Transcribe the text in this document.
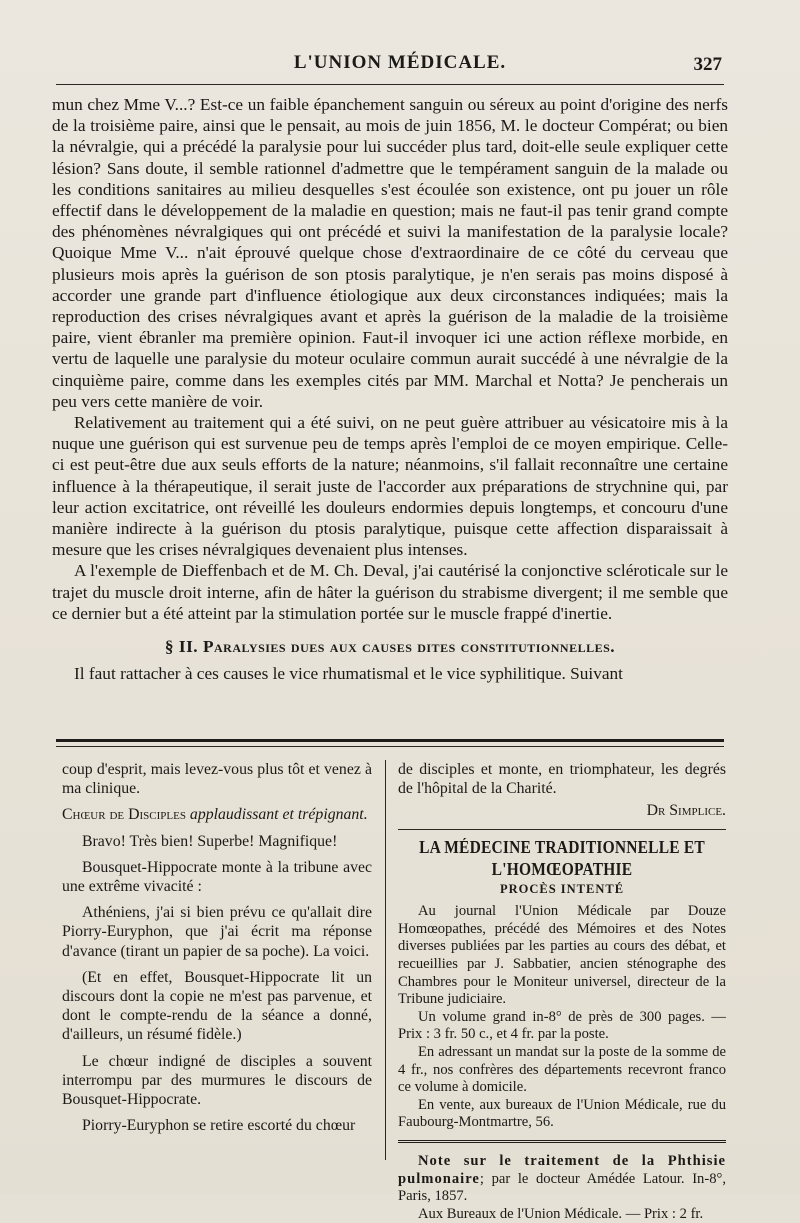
L'UNION MÉDICALE.	327

mun chez Mme V...? Est-ce un faible épanchement sanguin ou séreux au point d'origine des nerfs de la troisième paire, ainsi que le pensait, au mois de juin 1856, M. le docteur Compérat; ou bien la névralgie, qui a précédé la paralysie pour lui succéder plus tard, doit-elle seule expliquer cette lésion? Sans doute, il semble rationnel d'admettre que le tempérament sanguin de la malade ou les conditions sanitaires au milieu desquelles s'est écoulée son existence, ont pu jouer un rôle effectif dans le développement de la maladie en question; mais ne faut-il pas tenir grand compte des phénomènes névralgiques qui ont précédé et suivi la manifestation de la paralysie locale? Quoique Mme V... n'ait éprouvé quelque chose d'extraordinaire de ce côté du cerveau que plusieurs mois après la guérison de son ptosis paralytique, je n'en serais pas moins disposé à accorder une grande part d'influence étiologique aux deux circonstances indiquées; mais la reproduction des crises névralgiques avant et après la guérison de la maladie de la troisième paire, vient ébranler ma première opinion. Faut-il invoquer ici une action réflexe morbide, en vertu de laquelle une paralysie du moteur oculaire commun aurait succédé à une névralgie de la cinquième paire, comme dans les exemples cités par MM. Marchal et Notta? Je pencherais un peu vers cette manière de voir.

Relativement au traitement qui a été suivi, on ne peut guère attribuer au vésicatoire mis à la nuque une guérison qui est survenue peu de temps après l'emploi de ce moyen empirique. Celle-ci est peut-être due aux seuls efforts de la nature; néanmoins, s'il fallait reconnaître une certaine influence à la thérapeutique, il serait juste de l'accorder aux préparations de strychnine qui, par leur action excitatrice, ont réveillé les douleurs endormies depuis longtemps, et concouru d'une manière indirecte à la guérison du ptosis paralytique, puisque cette affection disparaissait à mesure que les crises névralgiques devenaient plus intenses.

A l'exemple de Dieffenbach et de M. Ch. Deval, j'ai cautérisé la conjonctive scléroticale sur le trajet du muscle droit interne, afin de hâter la guérison du strabisme divergent; il me semble que ce dernier but a été atteint par la stimulation portée sur le muscle frappé d'inertie.

§ II. Paralysies dues aux causes dites constitutionnelles.

Il faut rattacher à ces causes le vice rhumatismal et le vice syphilitique. Suivant

coup d'esprit, mais levez-vous plus tôt et venez à ma clinique.

Chœur de Disciples applaudissant et trépignant.

Bravo! Très bien! Superbe! Magnifique!

Bousquet-Hippocrate monte à la tribune avec une extrême vivacité :

Athéniens, j'ai si bien prévu ce qu'allait dire Piorry-Euryphon, que j'ai écrit ma réponse d'avance (tirant un papier de sa poche). La voici.

(Et en effet, Bousquet-Hippocrate lit un discours dont la copie ne m'est pas parvenue, et dont le compte-rendu de la séance a donné, d'ailleurs, un résumé fidèle.)

Le chœur indigné de disciples a souvent interrompu par des murmures le discours de Bousquet-Hippocrate.

Piorry-Euryphon se retire escorté du chœur

de disciples et monte, en triomphateur, les degrés de l'hôpital de la Charité.

Dr Simplice.

LA MÉDECINE TRADITIONNELLE ET L'HOMŒOPATHIE

PROCÈS INTENTÉ

Au journal l'Union Médicale par Douze Homœopathes, précédé des Mémoires et des Notes diverses publiées par les parties au cours des débat, et recueillies par J. Sabbatier, ancien sténographe des Chambres pour le Moniteur universel, directeur de la Tribune judiciaire.

Un volume grand in-8° de près de 300 pages. — Prix : 3 fr. 50 c., et 4 fr. par la poste.

En adressant un mandat sur la poste de la somme de 4 fr., nos confrères des départements recevront franco ce volume à domicile.

En vente, aux bureaux de l'Union Médicale, rue du Faubourg-Montmartre, 56.

Note sur le traitement de la Phthisie pulmonaire; par le docteur Amédée Latour. In-8°, Paris, 1857.

Aux Bureaux de l'Union Médicale. — Prix : 2 fr.
